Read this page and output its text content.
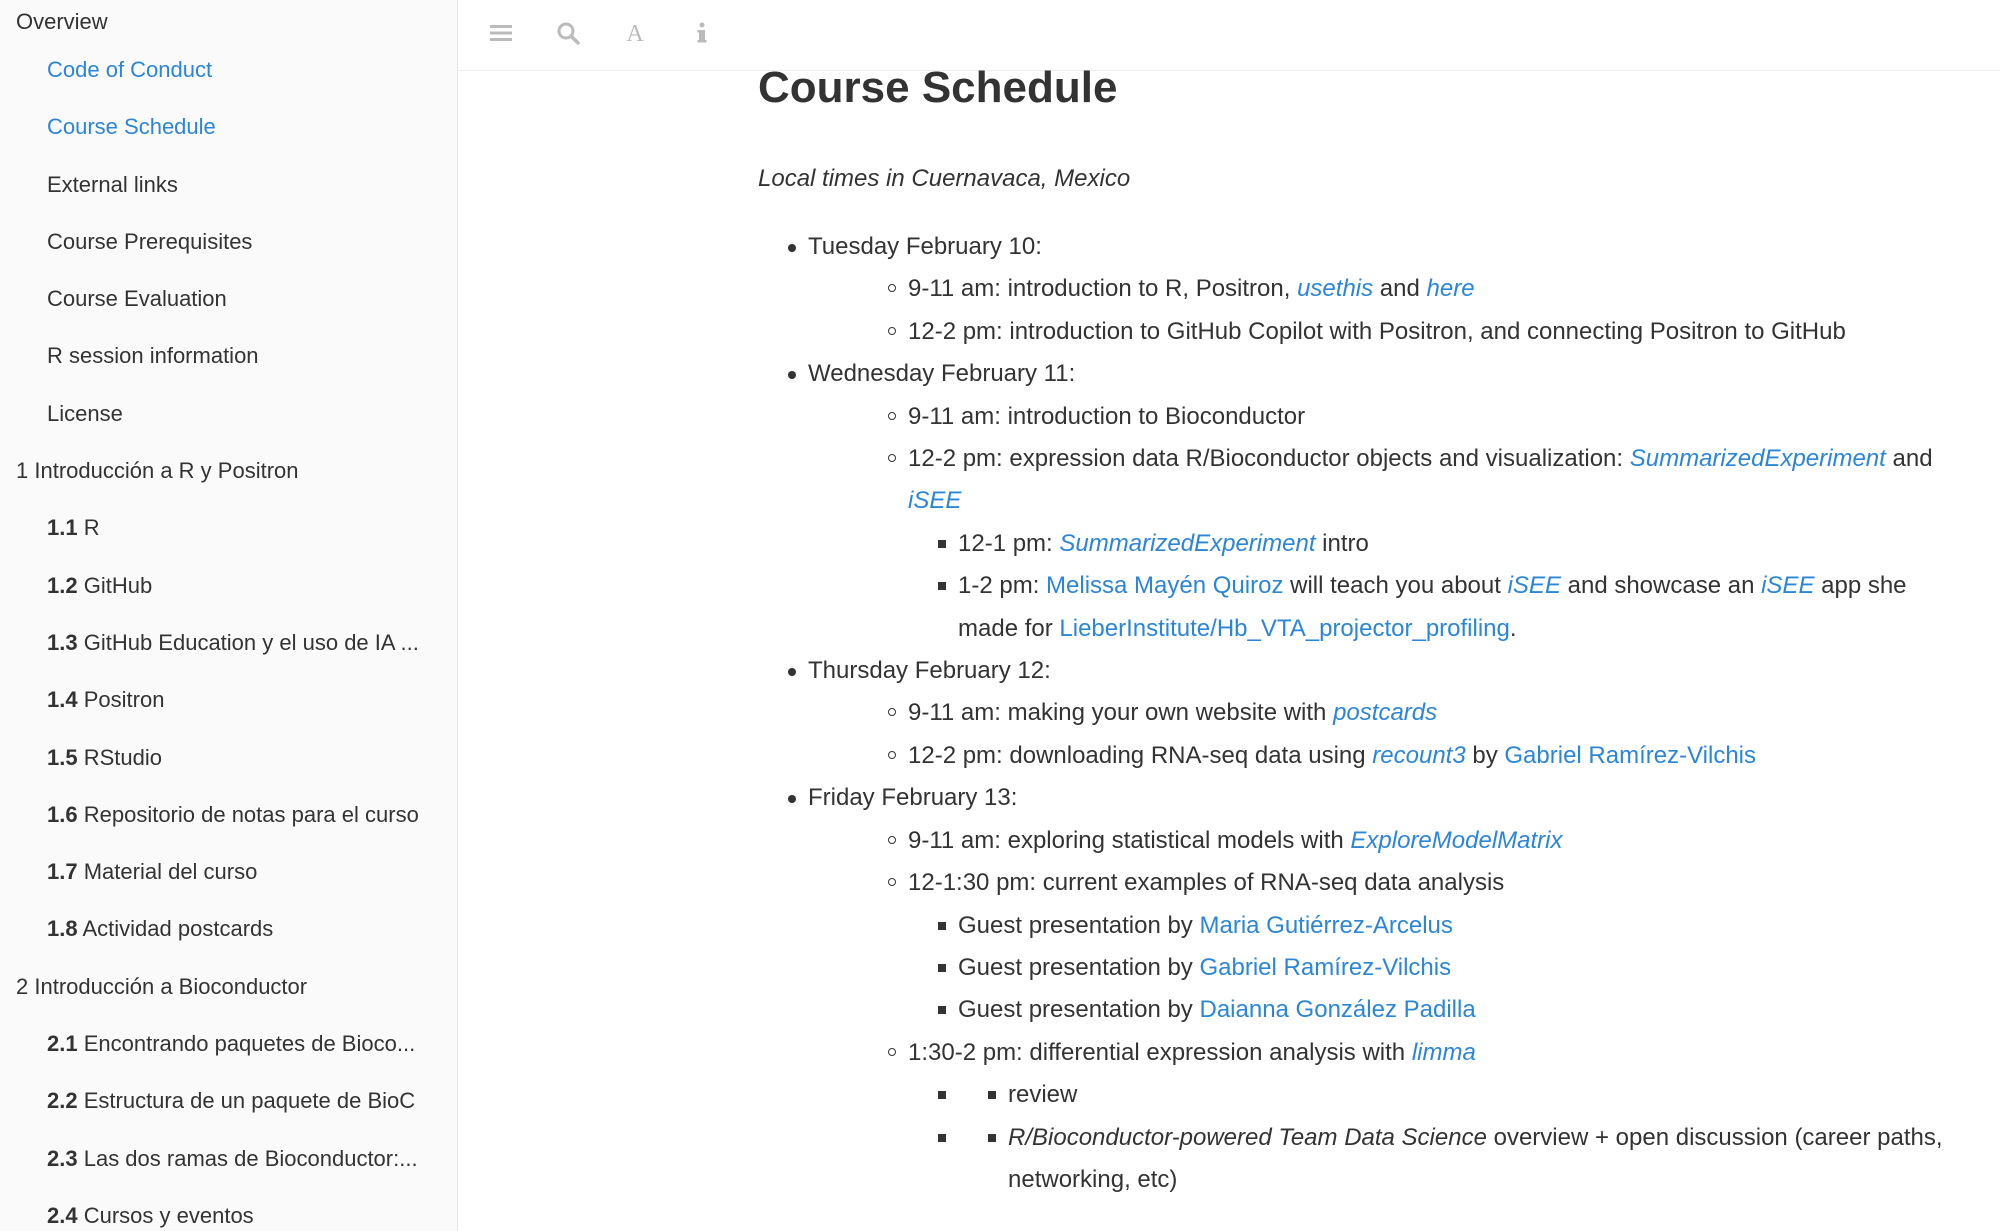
Overview
Code of Conduct
Course Schedule
External links
Course Prerequisites
Course Evaluation
R session information
License
1 Introducción a R y Positron
1.1 R
1.2 GitHub
1.3 GitHub Education y el uso de IA ...
1.4 Positron
1.5 RStudio
1.6 Repositorio de notas para el curso
1.7 Material del curso
1.8 Actividad postcards
2 Introducción a Bioconductor
2.1 Encontrando paquetes de Bioco...
2.2 Estructura de un paquete de BioC
2.3 Las dos ramas de Bioconductor:...
2.4 Cursos y eventos
A
Course Schedule
Local times in Cuernavaca, Mexico
Tuesday February 10:
9-11 am: introduction to R, Positron, usethis and here
12-2 pm: introduction to GitHub Copilot with Positron, and connecting Positron to GitHub
Wednesday February 11:
9-11 am: introduction to Bioconductor
12-2 pm: expression data R/Bioconductor objects and visualization: SummarizedExperiment and iSEE
12-1 pm: SummarizedExperiment intro
1-2 pm: Melissa Mayén Quiroz will teach you about iSEE and showcase an iSEE app she made for LieberInstitute/Hb_VTA_projector_profiling.
Thursday February 12:
9-11 am: making your own website with postcards
12-2 pm: downloading RNA-seq data using recount3 by Gabriel Ramírez-Vilchis
Friday February 13:
9-11 am: exploring statistical models with ExploreModelMatrix
12-1:30 pm: current examples of RNA-seq data analysis
Guest presentation by Maria Gutiérrez-Arcelus
Guest presentation by Gabriel Ramírez-Vilchis
Guest presentation by Daianna González Padilla
1:30-2 pm: differential expression analysis with limma
review
R/Bioconductor-powered Team Data Science overview + open discussion (career paths, networking, etc)
